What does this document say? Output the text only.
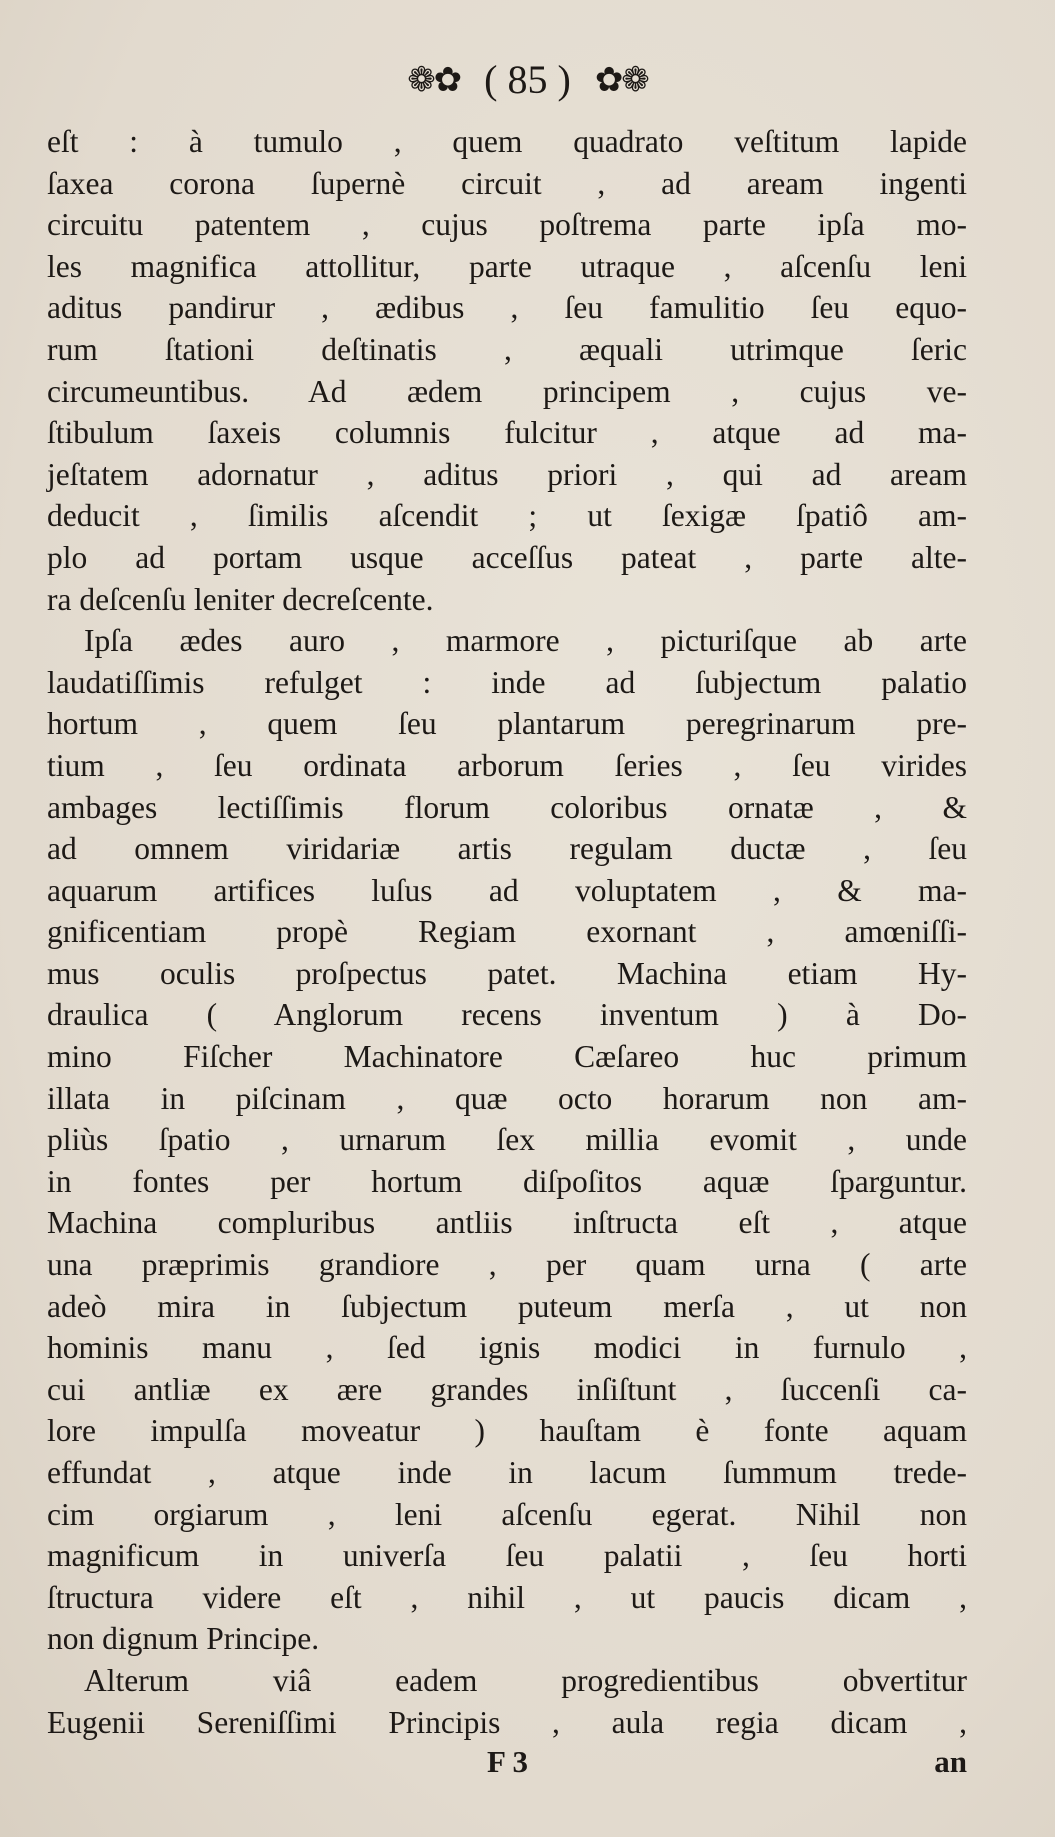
❁✿ ( 85 ) ✿❁
eſt : à tumulo , quem quadrato veſtitum lapide
ſaxea corona ſupernè circuit , ad aream ingenti
circuitu patentem , cujus poſtrema parte ipſa mo-
les magnifica attollitur, parte utraque , aſcenſu leni
aditus pandirur , ædibus , ſeu famulitio ſeu equo-
rum ſtationi deſtinatis , æquali utrimque ſeric
circumeuntibus. Ad ædem principem , cujus ve-
ſtibulum ſaxeis columnis fulcitur , atque ad ma-
jeſtatem adornatur , aditus priori , qui ad aream
deducit , ſimilis aſcendit ; ut ſexigæ ſpatiô am-
plo ad portam usque acceſſus pateat , parte alte-
ra deſcenſu leniter decreſcente.
Ipſa ædes auro , marmore , picturiſque ab arte
laudatiſſimis refulget : inde ad ſubjectum palatio
hortum , quem ſeu plantarum peregrinarum pre-
tium , ſeu ordinata arborum ſeries , ſeu virides
ambages lectiſſimis florum coloribus ornatæ , &
ad omnem viridariæ artis regulam ductæ , ſeu
aquarum artifices luſus ad voluptatem , & ma-
gnificentiam propè Regiam exornant , amœniſſi-
mus oculis proſpectus patet. Machina etiam Hy-
draulica ( Anglorum recens inventum ) à Do-
mino Fiſcher Machinatore Cæſareo huc primum
illata in piſcinam , quæ octo horarum non am-
pliùs ſpatio , urnarum ſex millia evomit , unde
in fontes per hortum diſpoſitos aquæ ſparguntur.
Machina compluribus antliis inſtructa eſt , atque
una præprimis grandiore , per quam urna ( arte
adeò mira in ſubjectum puteum merſa , ut non
hominis manu , ſed ignis modici in furnulo ,
cui antliæ ex ære grandes inſiſtunt , ſuccenſi ca-
lore impulſa moveatur ) hauſtam è fonte aquam
effundat , atque inde in lacum ſummum trede-
cim orgiarum , leni aſcenſu egerat. Nihil non
magnificum in univerſa ſeu palatii , ſeu horti
ſtructura videre eſt , nihil , ut paucis dicam ,
non dignum Principe.
Alterum viâ eadem progredientibus obvertitur
Eugenii Sereniſſimi Principis , aula regia dicam ,
F 3	an
